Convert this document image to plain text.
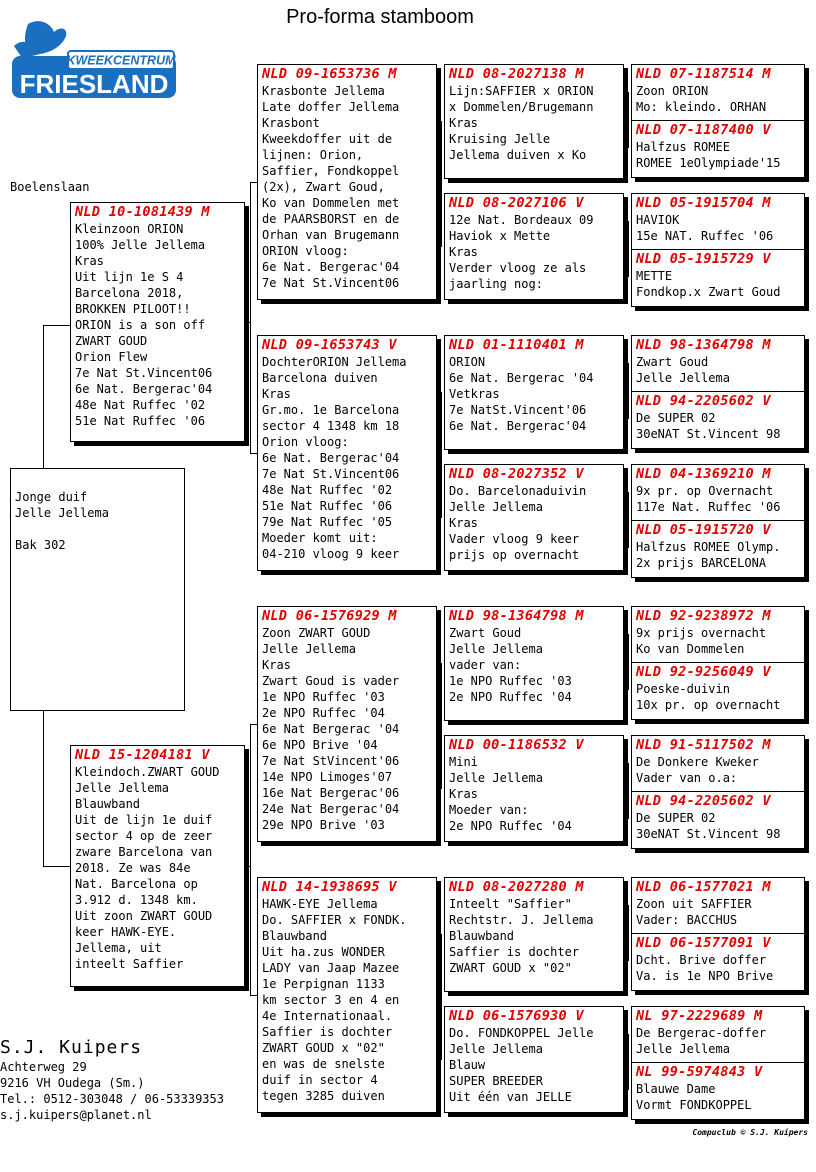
Pro-forma stamboom
KWEEKCENTRUM
FRIESLAND
Boelenslaan
Jonge duif
Jelle Jellema

Bak 302
NLD 10-1081439 M
Kleinzoon ORION
100% Jelle Jellema
Kras
Uit lijn 1e S 4
Barcelona 2018,
BROKKEN PILOOT!!
ORION is a son off
ZWART GOUD
Orion Flew
7e Nat St.Vincent06
6e Nat. Bergerac'04
48e Nat Ruffec '02
51e Nat Ruffec '06
NLD 15-1204181 V
Kleindoch.ZWART GOUD
Jelle Jellema
Blauwband
Uit de lijn 1e duif
sector 4 op de zeer
zware Barcelona van
2018. Ze was 84e
Nat. Barcelona op
3.912 d. 1348 km.
Uit zoon ZWART GOUD
keer HAWK-EYE.
Jellema, uit
inteelt Saffier
NLD 09-1653736 M
Krasbonte Jellema
Late doffer Jellema
Krasbont
Kweekdoffer uit de
lijnen: Orion,
Saffier, Fondkoppel
(2x), Zwart Goud,
Ko van Dommelen met
de PAARSBORST en de
Orhan van Brugemann
ORION vloog:
6e Nat. Bergerac'04
7e Nat St.Vincent06
NLD 09-1653743 V
DochterORION Jellema
Barcelona duiven
Kras
Gr.mo. 1e Barcelona
sector 4 1348 km 18
Orion vloog:
6e Nat. Bergerac'04
7e Nat St.Vincent06
48e Nat Ruffec '02
51e Nat Ruffec '06
79e Nat Ruffec '05
Moeder komt uit:
04-210 vloog 9 keer
NLD 06-1576929 M
Zoon ZWART GOUD
Jelle Jellema
Kras
Zwart Goud is vader
1e NPO Ruffec '03
2e NPO Ruffec '04
6e Nat Bergerac '04
6e NPO Brive '04
7e Nat StVincent'06
14e NPO Limoges'07
16e Nat Bergerac'06
24e Nat Bergerac'04
29e NPO Brive '03
NLD 14-1938695 V
HAWK-EYE Jellema
Do. SAFFIER x FONDK.
Blauwband
Uit ha.zus WONDER
LADY van Jaap Mazee
1e Perpignan 1133
km sector 3 en 4 en
4e Internationaal.
Saffier is dochter
ZWART GOUD x "02"
en was de snelste
duif in sector 4
tegen 3285 duiven
NLD 08-2027138 M
Lijn:SAFFIER x ORION
x Dommelen/Brugemann
Kras
Kruising Jelle
Jellema duiven x Ko
NLD 08-2027106 V
12e Nat. Bordeaux 09
Haviok x Mette
Kras
Verder vloog ze als
jaarling nog:
NLD 01-1110401 M
ORION
6e Nat. Bergerac '04
Vetkras
7e NatSt.Vincent'06
6e Nat. Bergerac'04
NLD 08-2027352 V
Do. Barcelonaduivin
Jelle Jellema
Kras
Vader vloog 9 keer
prijs op overnacht
NLD 98-1364798 M
Zwart Goud
Jelle Jellema
vader van:
1e NPO Ruffec '03
2e NPO Ruffec '04
NLD 00-1186532 V
Mini
Jelle Jellema
Kras
Moeder van:
2e NPO Ruffec '04
NLD 08-2027280 M
Inteelt "Saffier"
Rechtstr. J. Jellema
Blauwband
Saffier is dochter
ZWART GOUD x "02"
NLD 06-1576930 V
Do. FONDKOPPEL Jelle
Jelle Jellema
Blauw
SUPER BREEDER
Uit één van JELLE
NLD 07-1187514 M
Zoon ORION
Mo: kleindo. ORHAN
NLD 07-1187400 V
Halfzus ROMEE
ROMEE 1eOlympiade'15
NLD 05-1915704 M
HAVIOK
15e NAT. Ruffec '06
NLD 05-1915729 V
METTE
Fondkop.x Zwart Goud
NLD 98-1364798 M
Zwart Goud
Jelle Jellema
NLD 94-2205602 V
De SUPER 02
30eNAT St.Vincent 98
NLD 04-1369210 M
9x pr. op Overnacht
117e Nat. Ruffec '06
NLD 05-1915720 V
Halfzus ROMEE Olymp.
2x prijs BARCELONA
NLD 92-9238972 M
9x prijs overnacht
Ko van Dommelen
NLD 92-9256049 V
Poeske-duivin
10x pr. op overnacht
NLD 91-5117502 M
De Donkere Kweker
Vader van o.a:
NLD 94-2205602 V
De SUPER 02
30eNAT St.Vincent 98
NLD 06-1577021 M
Zoon uit SAFFIER
Vader: BACCHUS
NLD 06-1577091 V
Dcht. Brive doffer
Va. is 1e NPO Brive
NL 97-2229689 M
De Bergerac-doffer
Jelle Jellema
NL 99-5974843 V
Blauwe Dame
Vormt FONDKOPPEL
S.J. Kuipers
Achterweg 29
9216 VH Oudega (Sm.)
Tel.: 0512-303048 / 06-53339353
s.j.kuipers@planet.nl
Compuclub © S.J. Kuipers
